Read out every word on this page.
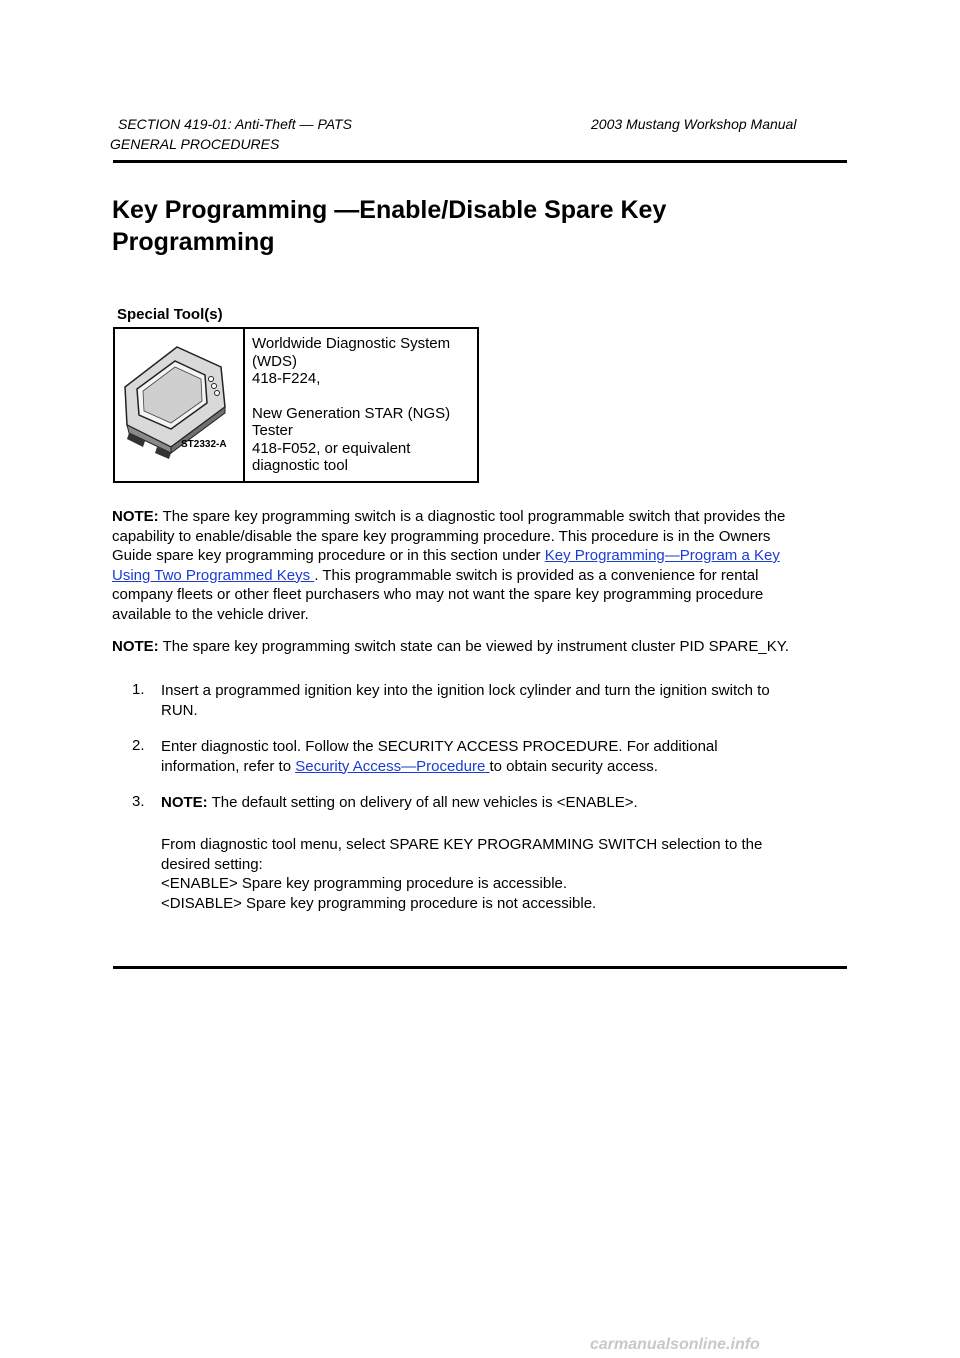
SECTION 419-01: Anti-Theft — PATS	2003 Mustang Workshop Manual
GENERAL PROCEDURES
Key Programming —Enable/Disable Spare Key
Programming
Special Tool(s)
ST2332-A
Worldwide Diagnostic System
(WDS)
418-F224,
New Generation STAR (NGS)
Tester
418-F052, or equivalent
diagnostic tool

NOTE: The spare key programming switch is a diagnostic tool programmable switch that provides the
capability to enable/disable the spare key programming procedure. This procedure is in the Owners
Guide spare key programming procedure or in this section under Key Programming—Program a Key
Using Two Programmed Keys . This programmable switch is provided as a convenience for rental
company fleets or other fleet purchasers who may not want the spare key programming procedure
available to the vehicle driver.

NOTE: The spare key programming switch state can be viewed by instrument cluster PID SPARE_KY.

1. Insert a programmed ignition key into the ignition lock cylinder and turn the ignition switch to
RUN.

2. Enter diagnostic tool. Follow the SECURITY ACCESS PROCEDURE. For additional
information, refer to Security Access—Procedure to obtain security access.

3. NOTE: The default setting on delivery of all new vehicles is <ENABLE>.

From diagnostic tool menu, select SPARE KEY PROGRAMMING SWITCH selection to the
desired setting:
<ENABLE> Spare key programming procedure is accessible.
<DISABLE> Spare key programming procedure is not accessible.

carmanualsonline.info
